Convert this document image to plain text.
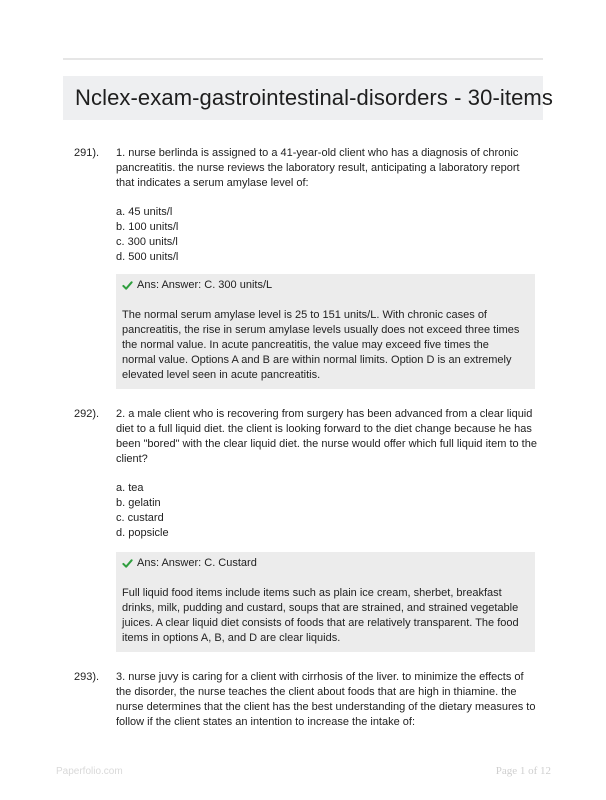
Nclex-exam-gastrointestinal-disorders - 30-items
291). 1. nurse berlinda is assigned to a 41-year-old client who has a diagnosis of chronic pancreatitis. the nurse reviews the laboratory result, anticipating a laboratory report that indicates a serum amylase level of:

a. 45 units/l
b. 100 units/l
c. 300 units/l
d. 500 units/l

Ans: Answer: C. 300 units/L

The normal serum amylase level is 25 to 151 units/L. With chronic cases of pancreatitis, the rise in serum amylase levels usually does not exceed three times the normal value. In acute pancreatitis, the value may exceed five times the normal value. Options A and B are within normal limits. Option D is an extremely elevated level seen in acute pancreatitis.

292). 2. a male client who is recovering from surgery has been advanced from a clear liquid diet to a full liquid diet. the client is looking forward to the diet change because he has been "bored" with the clear liquid diet. the nurse would offer which full liquid item to the client?

a. tea
b. gelatin
c. custard
d. popsicle

Ans: Answer: C. Custard

Full liquid food items include items such as plain ice cream, sherbet, breakfast drinks, milk, pudding and custard, soups that are strained, and strained vegetable juices. A clear liquid diet consists of foods that are relatively transparent. The food items in options A, B, and D are clear liquids.

293). 3. nurse juvy is caring for a client with cirrhosis of the liver. to minimize the effects of the disorder, the nurse teaches the client about foods that are high in thiamine. the nurse determines that the client has the best understanding of the dietary measures to follow if the client states an intention to increase the intake of:

Paperfolio.com	Page 1 of 12
